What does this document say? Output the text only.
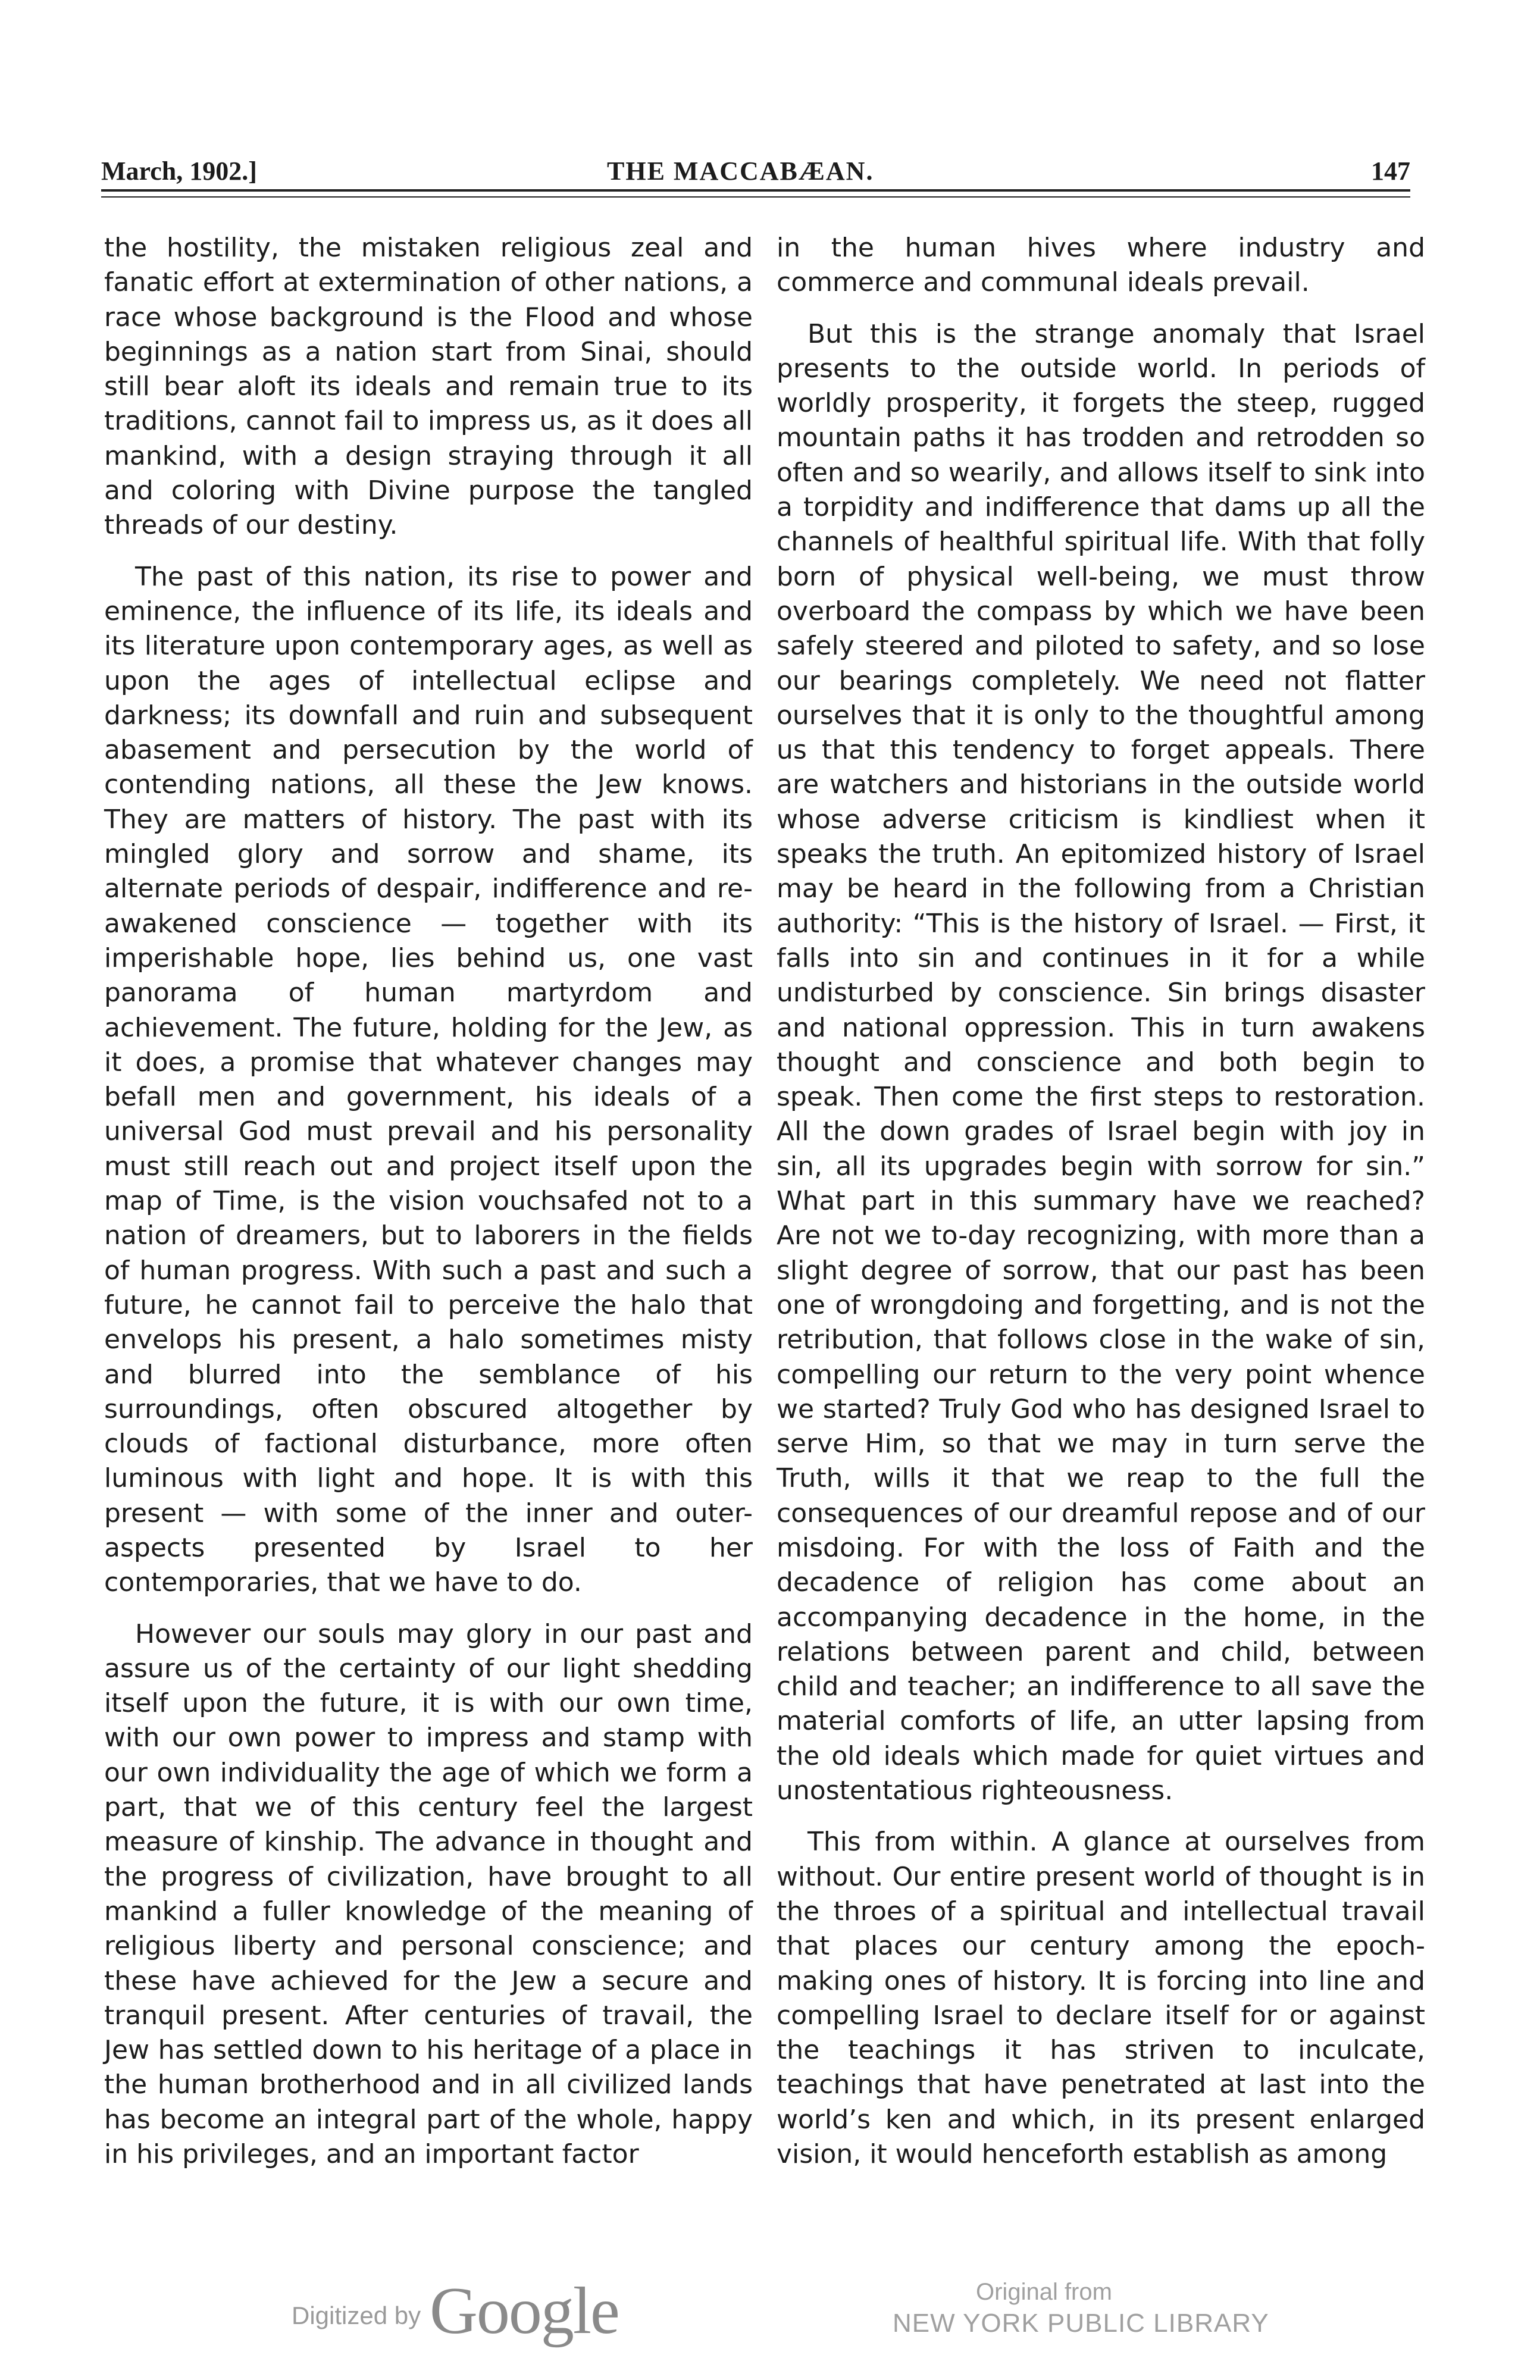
March, 1902.]	THE MACCABÆAN.	147

the hostility, the mistaken religious zeal and fanatic effort at extermination of other nations, a race whose background is the Flood and whose beginnings as a nation start from Sinai, should still bear aloft its ideals and remain true to its traditions, cannot fail to impress us, as it does all mankind, with a design straying through it all and coloring with Divine purpose the tangled threads of our destiny.

The past of this nation, its rise to power and eminence, the influence of its life, its ideals and its literature upon contemporary ages, as well as upon the ages of intellectual eclipse and darkness; its downfall and ruin and subsequent abasement and persecution by the world of contending nations, all these the Jew knows. They are matters of history. The past with its mingled glory and sorrow and shame, its alternate periods of despair, indifference and re-awakened conscience — together with its imperishable hope, lies behind us, one vast panorama of human martyrdom and achievement. The future, holding for the Jew, as it does, a promise that whatever changes may befall men and government, his ideals of a universal God must prevail and his personality must still reach out and project itself upon the map of Time, is the vision vouchsafed not to a nation of dreamers, but to laborers in the fields of human progress. With such a past and such a future, he cannot fail to perceive the halo that envelops his present, a halo sometimes misty and blurred into the semblance of his surroundings, often obscured altogether by clouds of factional disturbance, more often luminous with light and hope. It is with this present — with some of the inner and outer-aspects presented by Israel to her contemporaries, that we have to do.

However our souls may glory in our past and assure us of the certainty of our light shedding itself upon the future, it is with our own time, with our own power to impress and stamp with our own individuality the age of which we form a part, that we of this century feel the largest measure of kinship. The advance in thought and the progress of civilization, have brought to all mankind a fuller knowledge of the meaning of religious liberty and personal conscience; and these have achieved for the Jew a secure and tranquil present. After centuries of travail, the Jew has settled down to his heritage of a place in the human brotherhood and in all civilized lands has become an integral part of the whole, happy in his privileges, and an important factor

in the human hives where industry and commerce and communal ideals prevail.

But this is the strange anomaly that Israel presents to the outside world. In periods of worldly prosperity, it forgets the steep, rugged mountain paths it has trodden and retrodden so often and so wearily, and allows itself to sink into a torpidity and indifference that dams up all the channels of healthful spiritual life. With that folly born of physical well-being, we must throw overboard the compass by which we have been safely steered and piloted to safety, and so lose our bearings completely. We need not flatter ourselves that it is only to the thoughtful among us that this tendency to forget appeals. There are watchers and historians in the outside world whose adverse criticism is kindliest when it speaks the truth. An epitomized history of Israel may be heard in the following from a Christian authority: “This is the history of Israel. — First, it falls into sin and continues in it for a while undisturbed by conscience. Sin brings disaster and national oppression. This in turn awakens thought and conscience and both begin to speak. Then come the first steps to restoration. All the down grades of Israel begin with joy in sin, all its upgrades begin with sorrow for sin.” What part in this summary have we reached? Are not we to-day recognizing, with more than a slight degree of sorrow, that our past has been one of wrongdoing and forgetting, and is not the retribution, that follows close in the wake of sin, compelling our return to the very point whence we started? Truly God who has designed Israel to serve Him, so that we may in turn serve the Truth, wills it that we reap to the full the consequences of our dreamful repose and of our misdoing. For with the loss of Faith and the decadence of religion has come about an accompanying decadence in the home, in the relations between parent and child, between child and teacher; an indifference to all save the material comforts of life, an utter lapsing from the old ideals which made for quiet virtues and unostentatious righteousness.

This from within. A glance at ourselves from without. Our entire present world of thought is in the throes of a spiritual and intellectual travail that places our century among the epoch-making ones of history. It is forcing into line and compelling Israel to declare itself for or against the teachings it has striven to inculcate, teachings that have penetrated at last into the world’s ken and which, in its present enlarged vision, it would henceforth establish as among

Digitized by Google	Original from
NEW YORK PUBLIC LIBRARY
